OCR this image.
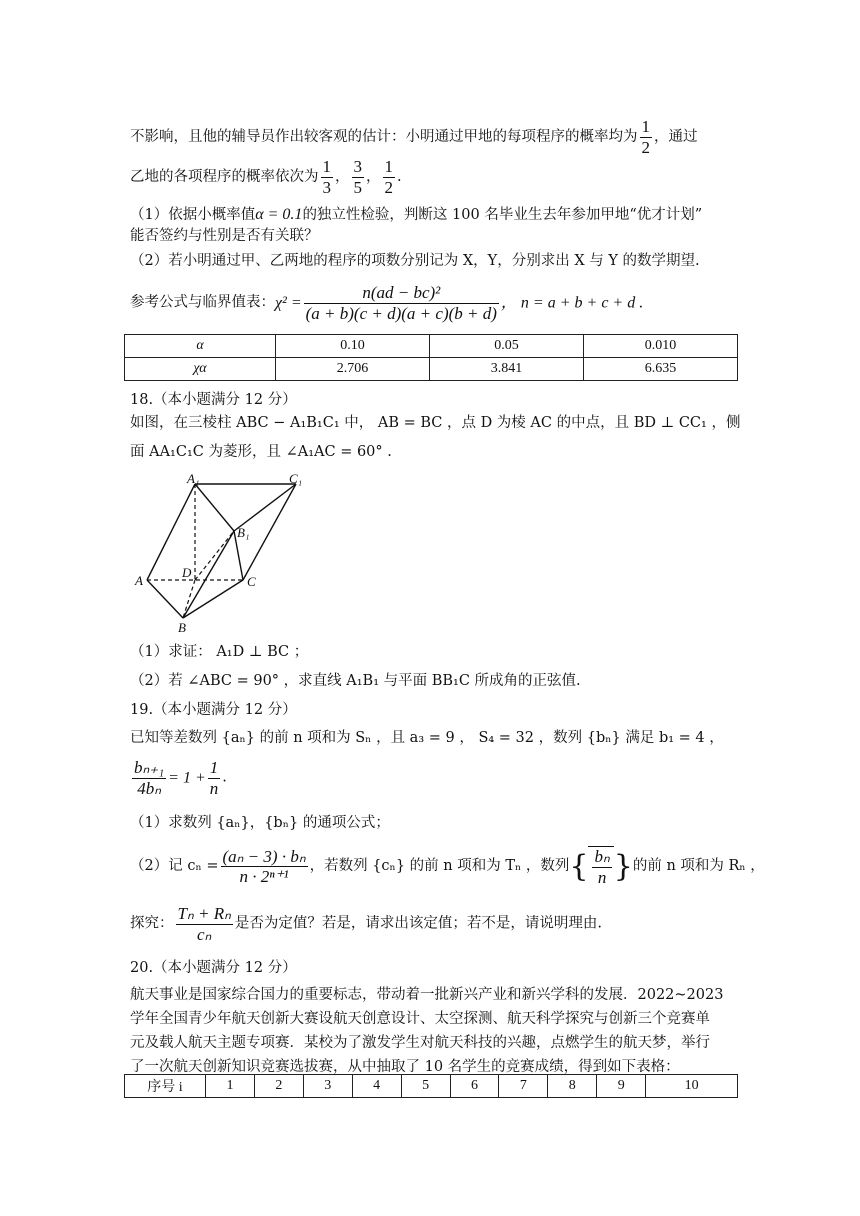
不影响，且他的辅导员作出较客观的估计：小明通过甲地的每项程序的概率均为 $\frac{1}{2}$ ，通过
乙地的各项程序的概率依次为 $\frac{1}{3}$ ， $\frac{3}{5}$ ， $\frac{1}{2}$ .
（1）依据小概率值α = 0.1的独立性检验，判断这 100 名毕业生去年参加甲地“优才计划”
能否签约与性别是否有关联？
（2）若小明通过甲、乙两地的程序的项数分别记为 X，Y，分别求出 X 与 Y 的数学期望.
参考公式与临界值表：$\chi^2 = \frac{\text{n(ad − bc)²}}{(a + b)(c + d)(a + c)(b + d)}$ ， n = a + b + c + d .
α	0.10	0.05	0.010
χα	2.706	3.841	6.635
18.（本小题满分 12 分）
如图，在三棱柱 ABC − A₁B₁C₁ 中， AB = BC ，点 D 为棱 AC 的中点，且 BD ⊥ CC₁ ，侧
面 AA₁C₁C 为菱形，且 ∠A₁AC = 60° .
A₁	C₁
B₁
A
D
C
B
（1）求证： A₁D ⊥ BC ；
（2）若 ∠ABC = 90° ，求直线 A₁B₁ 与平面 BB₁C 所成角的正弦值.
19.（本小题满分 12 分）
已知等差数列 {aₙ} 的前 n 项和为 Sₙ ，且 a₃ = 9 ， S₄ = 32 ，数列 {bₙ} 满足 b₁ = 4 ，
$\frac{\text{bₙ₊₁}}{\text{4bₙ}} = 1 + \frac{1}{n}$ .
（1）求数列 {aₙ}，{bₙ} 的通项公式；
（2）记 $c_n = \frac{\text{(aₙ − 3) · bₙ}}{\text{n · 2ⁿ⁺¹}}$ ，若数列 {cₙ} 的前 n 项和为 Tₙ ，数列{ $\frac{\text{bₙ}}{n}$ }的前 n 项和为 Rₙ ，
探究： $\frac{\text{Tₙ + Rₙ}}{\text{cₙ}}$ 是否为定值？若是，请求出该定值；若不是，请说明理由.
20.（本小题满分 12 分）
航天事业是国家综合国力的重要标志，带动着一批新兴产业和新兴学科的发展．2022~2023
学年全国青少年航天创新大赛设航天创意设计、太空探测、航天科学探究与创新三个竞赛单
元及载人航天主题专项赛．某校为了激发学生对航天科技的兴趣，点燃学生的航天梦，举行
了一次航天创新知识竞赛选拔赛，从中抽取了 10 名学生的竞赛成绩，得到如下表格：
序号 i	1	2	3	4	5	6	7	8	9	10
